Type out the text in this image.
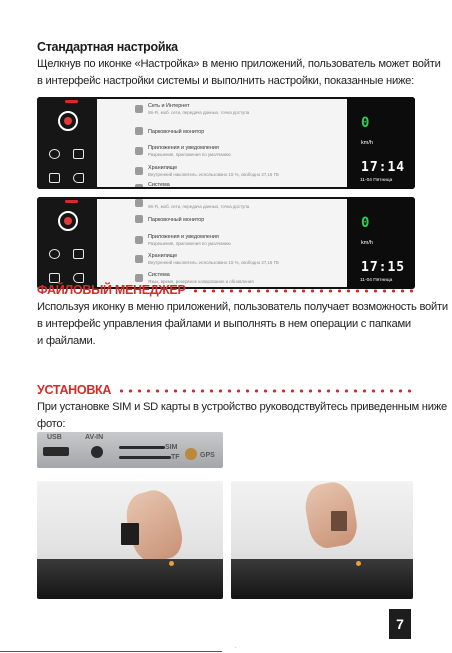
Стандартная настройка
Щелкнув по иконке «Настройка» в меню приложений, пользователь может войти
в интерфейс настройки системы и выполнить настройки, показанные ниже:
Сеть и Интернет
Wi-Fi, моб. сети, передача данных, точка доступа
Парковочный монитор
Приложения и уведомления
Разрешения, приложения по умолчанию
Хранилище
Внутренний накопитель: использовано 15 %, свободно 27,16 ГБ
Система
0
km/h
17:14
11-04 Пятница
Wi-Fi, моб. сети, передача данных, точка доступа
Парковочный монитор
Приложения и уведомления
Разрешения, приложения по умолчанию
Хранилище
Внутренний накопитель: использовано 15 %, свободно 27,16 ГБ
Система
Язык, время, резервное копирование и обновления
0
km/h
17:15
11-04 Пятница
ФАЙЛОВЫЙ МЕНЕДЖЕР
Используя иконку в меню приложений, пользователь получает возможность войти
в интерфейс управления файлами и выполнять в нем операции с папками
и файлами.
УСТАНОВКА
При установке SIM и SD карты в устройство руководствуйтесь приведенным ниже
фото:
USB	AV-IN
SIM
TF	GPS
7
·
